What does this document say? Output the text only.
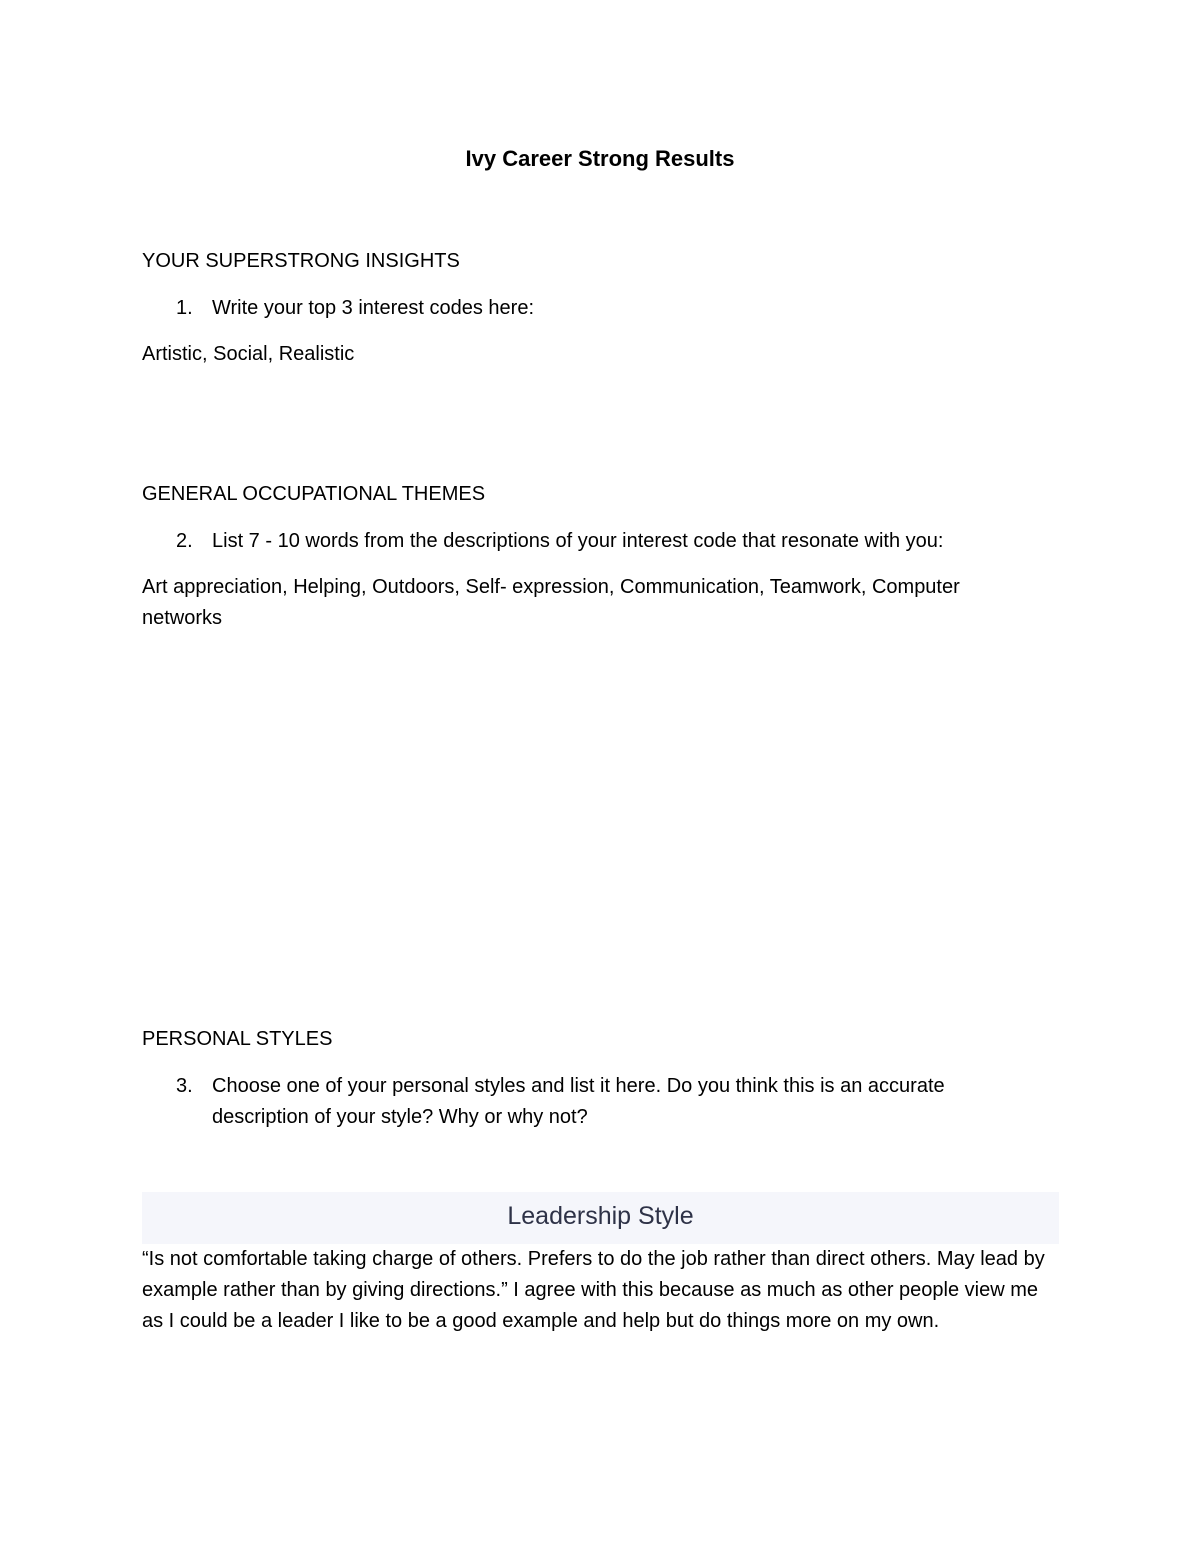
Ivy Career Strong Results
YOUR SUPERSTRONG INSIGHTS
1. Write your top 3 interest codes here:
Artistic, Social, Realistic
GENERAL OCCUPATIONAL THEMES
2. List 7 - 10 words from the descriptions of your interest code that resonate with you:
Art appreciation, Helping, Outdoors, Self- expression, Communication, Teamwork, Computer networks
PERSONAL STYLES
3. Choose one of your personal styles and list it here. Do you think this is an accurate description of your style? Why or why not?
Leadership Style
“Is not comfortable taking charge of others. Prefers to do the job rather than direct others. May lead by example rather than by giving directions.” I agree with this because as much as other people view me as I could be a leader I like to be a good example and help but do things more on my own.
